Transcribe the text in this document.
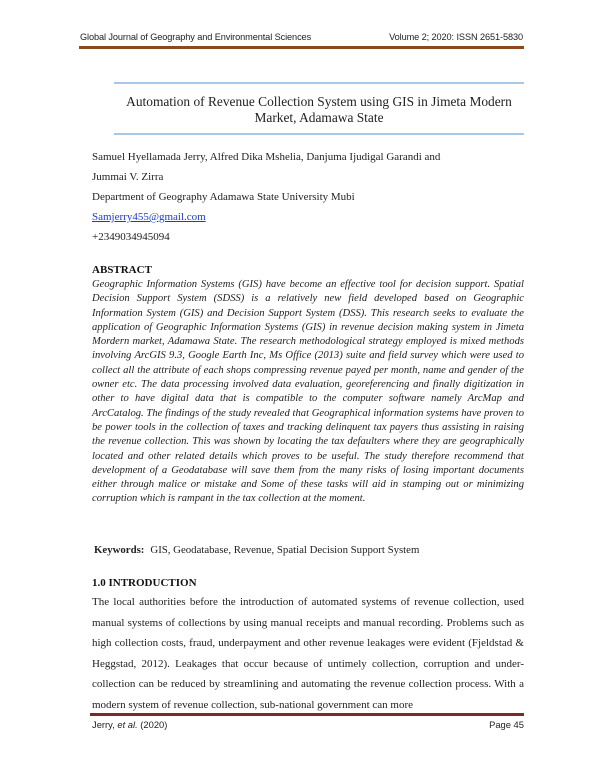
Global Journal of Geography and Environmental Sciences	Volume 2; 2020: ISSN 2651-5830
Automation of Revenue Collection System using GIS in Jimeta Modern Market, Adamawa State
Samuel Hyellamada Jerry, Alfred Dika Mshelia, Danjuma Ijudigal Garandi and
Jummai V. Zirra
Department of Geography Adamawa State University Mubi
Samjerry455@gmail.com
+2349034945094
ABSTRACT
Geographic Information Systems (GIS) have become an effective tool for decision support. Spatial Decision Support System (SDSS) is a relatively new field developed based on Geographic Information System (GIS) and Decision Support System (DSS). This research seeks to evaluate the application of Geographic Information Systems (GIS) in revenue decision making system in Jimeta Mordern market, Adamawa State. The research methodological strategy employed is mixed methods involving ArcGIS 9.3, Google Earth Inc, Ms Office (2013) suite and field survey which were used to collect all the attribute of each shops compressing revenue payed per month, name and gender of the owner etc. The data processing involved data evaluation, georeferencing and finally digitization in other to have digital data that is compatible to the computer software namely ArcMap and ArcCatalog. The findings of the study revealed that Geographical information systems have proven to be power tools in the collection of taxes and tracking delinquent tax payers thus assisting in raising the revenue collection. This was shown by locating the tax defaulters where they are geographically located and other related details which proves to be useful. The study therefore recommend that development of a Geodatabase will save them from the many risks of losing important documents either through malice or mistake and Some of these tasks will aid in stamping out or minimizing corruption which is rampant in the tax collection at the moment.
Keywords: GIS, Geodatabase, Revenue, Spatial Decision Support System
1.0 INTRODUCTION
The local authorities before the introduction of automated systems of revenue collection, used manual systems of collections by using manual receipts and manual recording. Problems such as high collection costs, fraud, underpayment and other revenue leakages were evident (Fjeldstad & Heggstad, 2012). Leakages that occur because of untimely collection, corruption and under- collection can be reduced by streamlining and automating the revenue collection process. With a modern system of revenue collection, sub-national government can more
Jerry, et al. (2020)	Page 45
